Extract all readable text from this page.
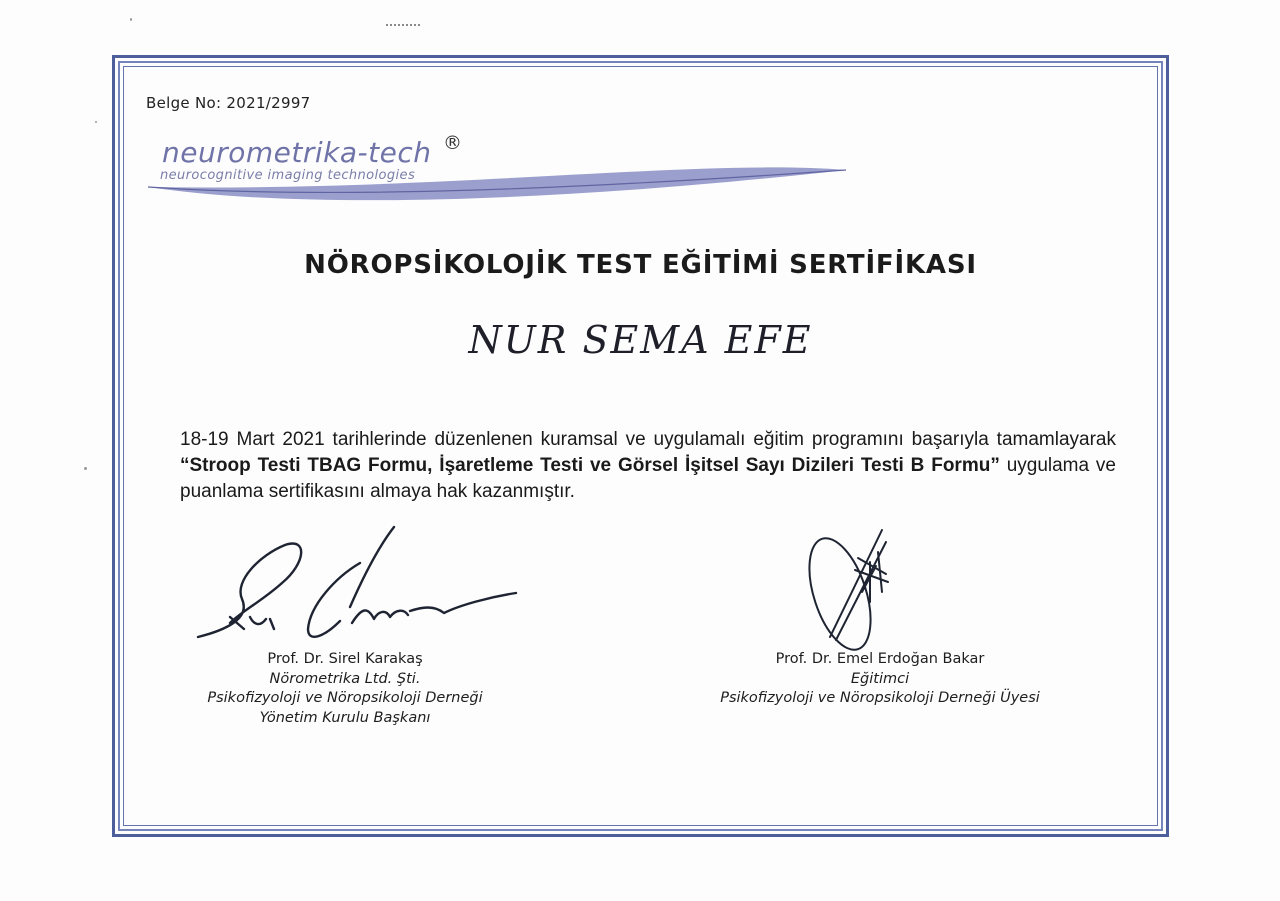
Belge No: 2021/2997
neurometrika-tech ®
neurocognitive imaging technologies
NÖROPSİKOLOJİK TEST EĞİTİMİ SERTİFİKASI
NUR SEMA EFE
18-19 Mart 2021 tarihlerinde düzenlenen kuramsal ve uygulamalı eğitim programını başarıyla tamamlayarak “Stroop Testi TBAG Formu, İşaretleme Testi ve Görsel İşitsel Sayı Dizileri Testi B Formu” uygulama ve puanlama sertifikasını almaya hak kazanmıştır.
Prof. Dr. Sirel Karakaş
Nörometrika Ltd. Şti.
Psikofizyoloji ve Nöropsikoloji Derneği
Yönetim Kurulu Başkanı
Prof. Dr. Emel Erdoğan Bakar
Eğitimci
Psikofizyoloji ve Nöropsikoloji Derneği Üyesi
